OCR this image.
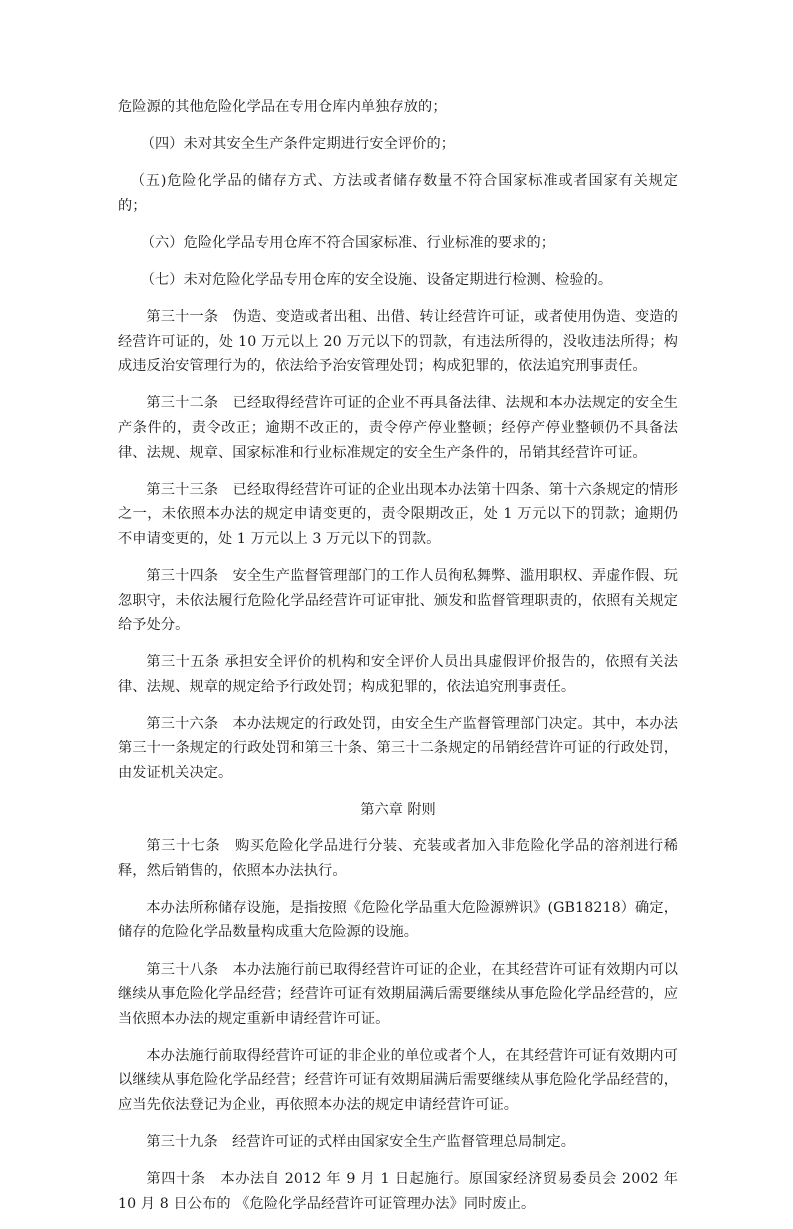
危险源的其他危险化学品在专用仓库内单独存放的；

（四）未对其安全生产条件定期进行安全评价的；

（五)危险化学品的储存方式、方法或者储存数量不符合国家标准或者国家有关规定的；

（六）危险化学品专用仓库不符合国家标准、行业标准的要求的；

（七）未对危险化学品专用仓库的安全设施、设备定期进行检测、检验的。

第三十一条　伪造、变造或者出租、出借、转让经营许可证，或者使用伪造、变造的经营许可证的，处 10 万元以上 20 万元以下的罚款，有违法所得的，没收违法所得；构成违反治安管理行为的，依法给予治安管理处罚；构成犯罪的，依法追究刑事责任。

第三十二条　已经取得经营许可证的企业不再具备法律、法规和本办法规定的安全生产条件的，责令改正；逾期不改正的，责令停产停业整顿；经停产停业整顿仍不具备法律、法规、规章、国家标准和行业标准规定的安全生产条件的，吊销其经营许可证。

第三十三条　已经取得经营许可证的企业出现本办法第十四条、第十六条规定的情形之一，未依照本办法的规定申请变更的，责令限期改正，处 1 万元以下的罚款；逾期仍不申请变更的，处 1 万元以上 3 万元以下的罚款。

第三十四条　安全生产监督管理部门的工作人员徇私舞弊、滥用职权、弄虚作假、玩忽职守，未依法履行危险化学品经营许可证审批、颁发和监督管理职责的，依照有关规定给予处分。

第三十五条 承担安全评价的机构和安全评价人员出具虚假评价报告的，依照有关法律、法规、规章的规定给予行政处罚；构成犯罪的，依法追究刑事责任。

第三十六条　本办法规定的行政处罚，由安全生产监督管理部门决定。其中，本办法第三十一条规定的行政处罚和第三十条、第三十二条规定的吊销经营许可证的行政处罚，由发证机关决定。

第六章 附则

第三十七条　购买危险化学品进行分装、充装或者加入非危险化学品的溶剂进行稀释，然后销售的，依照本办法执行。

本办法所称储存设施，是指按照《危险化学品重大危险源辨识》(GB18218）确定，储存的危险化学品数量构成重大危险源的设施。

第三十八条　本办法施行前已取得经营许可证的企业，在其经营许可证有效期内可以继续从事危险化学品经营；经营许可证有效期届满后需要继续从事危险化学品经营的，应当依照本办法的规定重新申请经营许可证。

本办法施行前取得经营许可证的非企业的单位或者个人，在其经营许可证有效期内可以继续从事危险化学品经营；经营许可证有效期届满后需要继续从事危险化学品经营的，应当先依法登记为企业，再依照本办法的规定申请经营许可证。

第三十九条　经营许可证的式样由国家安全生产监督管理总局制定。

第四十条　本办法自 2012 年 9 月 1 日起施行。原国家经济贸易委员会 2002 年 10 月 8 日公布的 《危险化学品经营许可证管理办法》同时废止。
